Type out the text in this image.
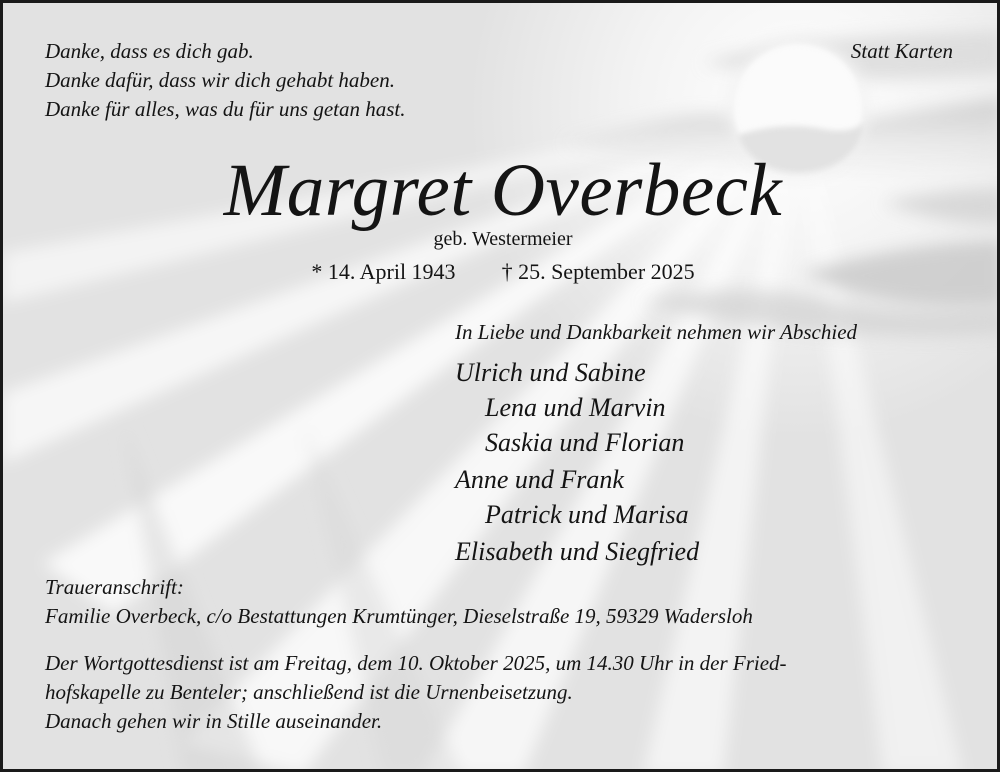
Danke, dass es dich gab.
Danke dafür, dass wir dich gehabt haben.
Danke für alles, was du für uns getan hast.
Statt Karten
Margret Overbeck
geb. Westermeier
* 14. April 1943 † 25. September 2025
In Liebe und Dankbarkeit nehmen wir Abschied
Ulrich und Sabine
Lena und Marvin
Saskia und Florian
Anne und Frank
Patrick und Marisa
Elisabeth und Siegfried
Traueranschrift:
Familie Overbeck, c/o Bestattungen Krumtünger, Dieselstraße 19, 59329 Wadersloh
Der Wortgottesdienst ist am Freitag, dem 10. Oktober 2025, um 14.30 Uhr in der Fried-
hofskapelle zu Benteler; anschließend ist die Urnenbeisetzung.
Danach gehen wir in Stille auseinander.
